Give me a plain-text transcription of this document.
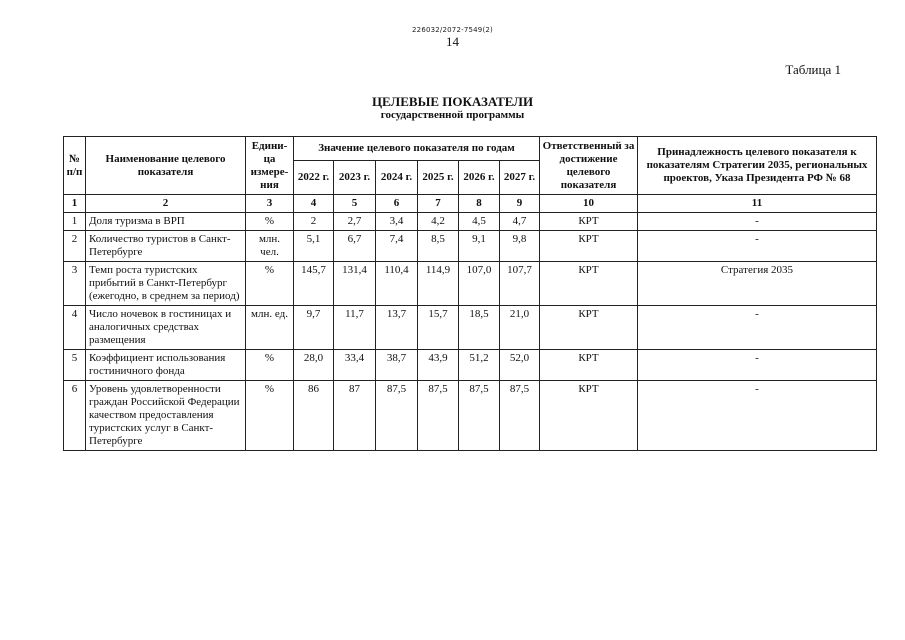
226032/2072-7549(2)
14
Таблица 1
ЦЕЛЕВЫЕ ПОКАЗАТЕЛИ
государственной программы
№ п/п	Наименование целевого показателя	Едини-ца измере-ния	Значение целевого показателя по годам						Ответственный за достижение целевого показателя	Принадлежность целевого показателя к показателям Стратегии 2035, региональных проектов, Указа Президента РФ № 68
			2022 г.	2023 г.	2024 г.	2025 г.	2026 г.	2027 г.		
1	2	3	4	5	6	7	8	9	10	11
1	Доля туризма в ВРП	%	2	2,7	3,4	4,2	4,5	4,7	КРТ	-
2	Количество туристов в Санкт-Петербурге	млн. чел.	5,1	6,7	7,4	8,5	9,1	9,8	КРТ	-
3	Темп роста туристских прибытий в Санкт-Петербург (ежегодно, в среднем за период)	%	145,7	131,4	110,4	114,9	107,0	107,7	КРТ	Стратегия 2035
4	Число ночевок в гостиницах и аналогичных средствах размещения	млн. ед.	9,7	11,7	13,7	15,7	18,5	21,0	КРТ	-
5	Коэффициент использования гостиничного фонда	%	28,0	33,4	38,7	43,9	51,2	52,0	КРТ	-
6	Уровень удовлетворенности граждан Российской Федерации качеством предоставления туристских услуг в Санкт-Петербурге	%	86	87	87,5	87,5	87,5	87,5	КРТ	-
